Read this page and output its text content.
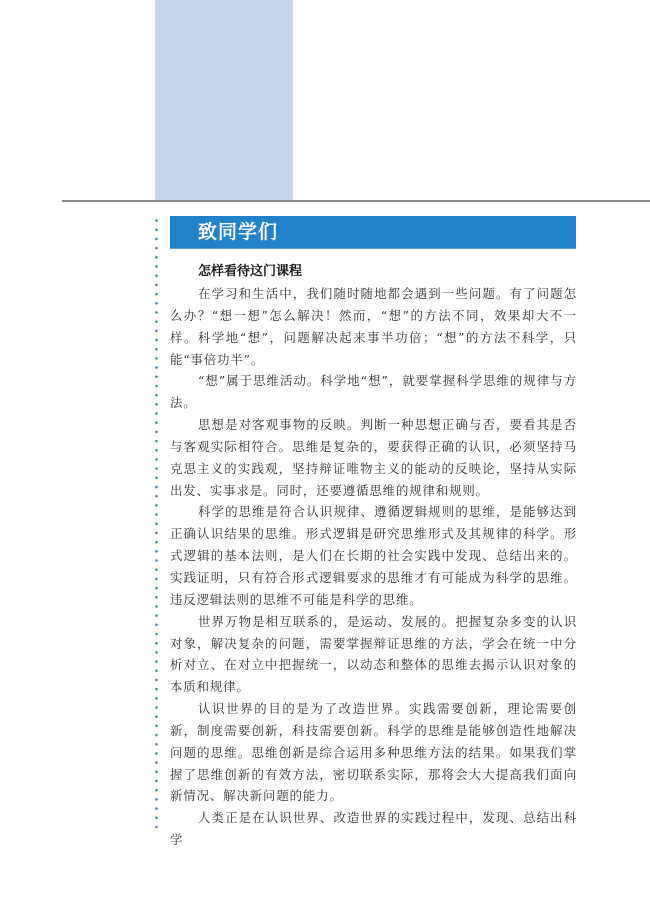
致同学们
怎样看待这门课程

在学习和生活中，我们随时随地都会遇到一些问题。有了问题怎么办？“想一想”怎么解决！然而，“想”的方法不同，效果却大不一样。科学地“想”，问题解决起来事半功倍；“想”的方法不科学，只能“事倍功半”。

“想”属于思维活动。科学地“想”，就要掌握科学思维的规律与方法。

思想是对客观事物的反映。判断一种思想正确与否，要看其是否与客观实际相符合。思维是复杂的，要获得正确的认识，必须坚持马克思主义的实践观，坚持辩证唯物主义的能动的反映论，坚持从实际出发、实事求是。同时，还要遵循思维的规律和规则。

科学的思维是符合认识规律、遵循逻辑规则的思维，是能够达到正确认识结果的思维。形式逻辑是研究思维形式及其规律的科学。形式逻辑的基本法则，是人们在长期的社会实践中发现、总结出来的。实践证明，只有符合形式逻辑要求的思维才有可能成为科学的思维。违反逻辑法则的思维不可能是科学的思维。

世界万物是相互联系的，是运动、发展的。把握复杂多变的认识对象，解决复杂的问题，需要掌握辩证思维的方法，学会在统一中分析对立、在对立中把握统一，以动态和整体的思维去揭示认识对象的本质和规律。

认识世界的目的是为了改造世界。实践需要创新，理论需要创新，制度需要创新，科技需要创新。科学的思维是能够创造性地解决问题的思维。思维创新是综合运用多种思维方法的结果。如果我们掌握了思维创新的有效方法，密切联系实际，那将会大大提高我们面向新情况、解决新问题的能力。

人类正是在认识世界、改造世界的实践过程中，发现、总结出科学
